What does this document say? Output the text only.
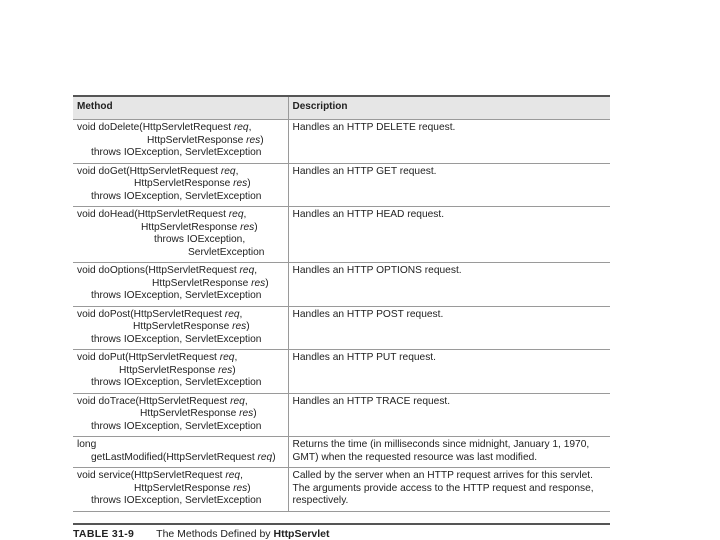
Method	Description

void doDelete(HttpServletRequest req,
HttpServletResponse res)
throws IOException, ServletException	Handles an HTTP DELETE request.

void doGet(HttpServletRequest req,
HttpServletResponse res)
throws IOException, ServletException	Handles an HTTP GET request.

void doHead(HttpServletRequest req,
HttpServletResponse res)
throws IOException,
ServletException	Handles an HTTP HEAD request.

void doOptions(HttpServletRequest req,
HttpServletResponse res)
throws IOException, ServletException	Handles an HTTP OPTIONS request.

void doPost(HttpServletRequest req,
HttpServletResponse res)
throws IOException, ServletException	Handles an HTTP POST request.

void doPut(HttpServletRequest req,
HttpServletResponse res)
throws IOException, ServletException	Handles an HTTP PUT request.

void doTrace(HttpServletRequest req,
HttpServletResponse res)
throws IOException, ServletException	Handles an HTTP TRACE request.

long
getLastModified(HttpServletRequest req)	Returns the time (in milliseconds since midnight, January 1, 1970, GMT) when the requested resource was last modified.

void service(HttpServletRequest req,
HttpServletResponse res)
throws IOException, ServletException	Called by the server when an HTTP request arrives for this servlet. The arguments provide access to the HTTP request and response, respectively.
TABLE 31-9 The Methods Defined by HttpServlet
